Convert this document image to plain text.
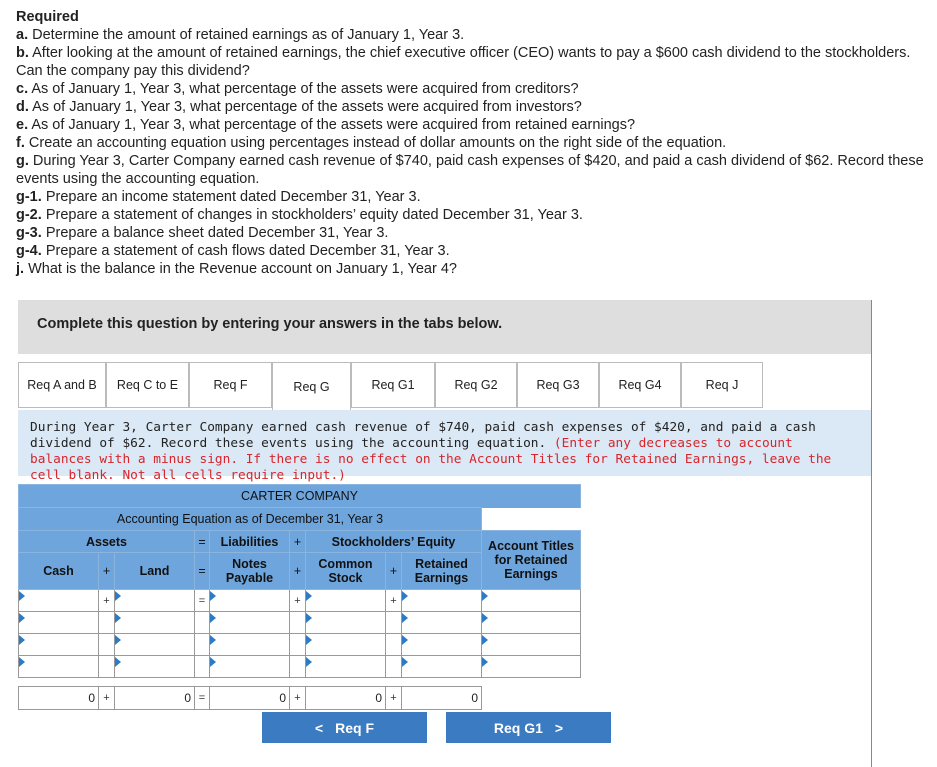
Required
a. Determine the amount of retained earnings as of January 1, Year 3.
b. After looking at the amount of retained earnings, the chief executive officer (CEO) wants to pay a $600 cash dividend to the stockholders. Can the company pay this dividend?
c. As of January 1, Year 3, what percentage of the assets were acquired from creditors?
d. As of January 1, Year 3, what percentage of the assets were acquired from investors?
e. As of January 1, Year 3, what percentage of the assets were acquired from retained earnings?
f. Create an accounting equation using percentages instead of dollar amounts on the right side of the equation.
g. During Year 3, Carter Company earned cash revenue of $740, paid cash expenses of $420, and paid a cash dividend of $62. Record these events using the accounting equation.
g-1. Prepare an income statement dated December 31, Year 3.
g-2. Prepare a statement of changes in stockholders’ equity dated December 31, Year 3.
g-3. Prepare a balance sheet dated December 31, Year 3.
g-4. Prepare a statement of cash flows dated December 31, Year 3.
j. What is the balance in the Revenue account on January 1, Year 4?
Complete this question by entering your answers in the tabs below.
Req A and B	Req C to E	Req F	Req G	Req G1	Req G2	Req G3	Req G4	Req J
During Year 3, Carter Company earned cash revenue of $740, paid cash expenses of $420, and paid a cash dividend of $62. Record these events using the accounting equation. (Enter any decreases to account balances with a minus sign. If there is no effect on the Account Titles for Retained Earnings, leave the cell blank. Not all cells require input.)
CARTER COMPANY									
Accounting Equation as of December 31, Year 3									
Assets			=	Liabilities	+	Stockholders’ Equity			Account Titles for Retained Earnings
Cash	+	Land	=	Notes Payable	+	Common Stock	+	Retained Earnings	
	+		=		+		+		

0	+	0	=	0	+	0	+	0	
< Req F	Req G1 >
